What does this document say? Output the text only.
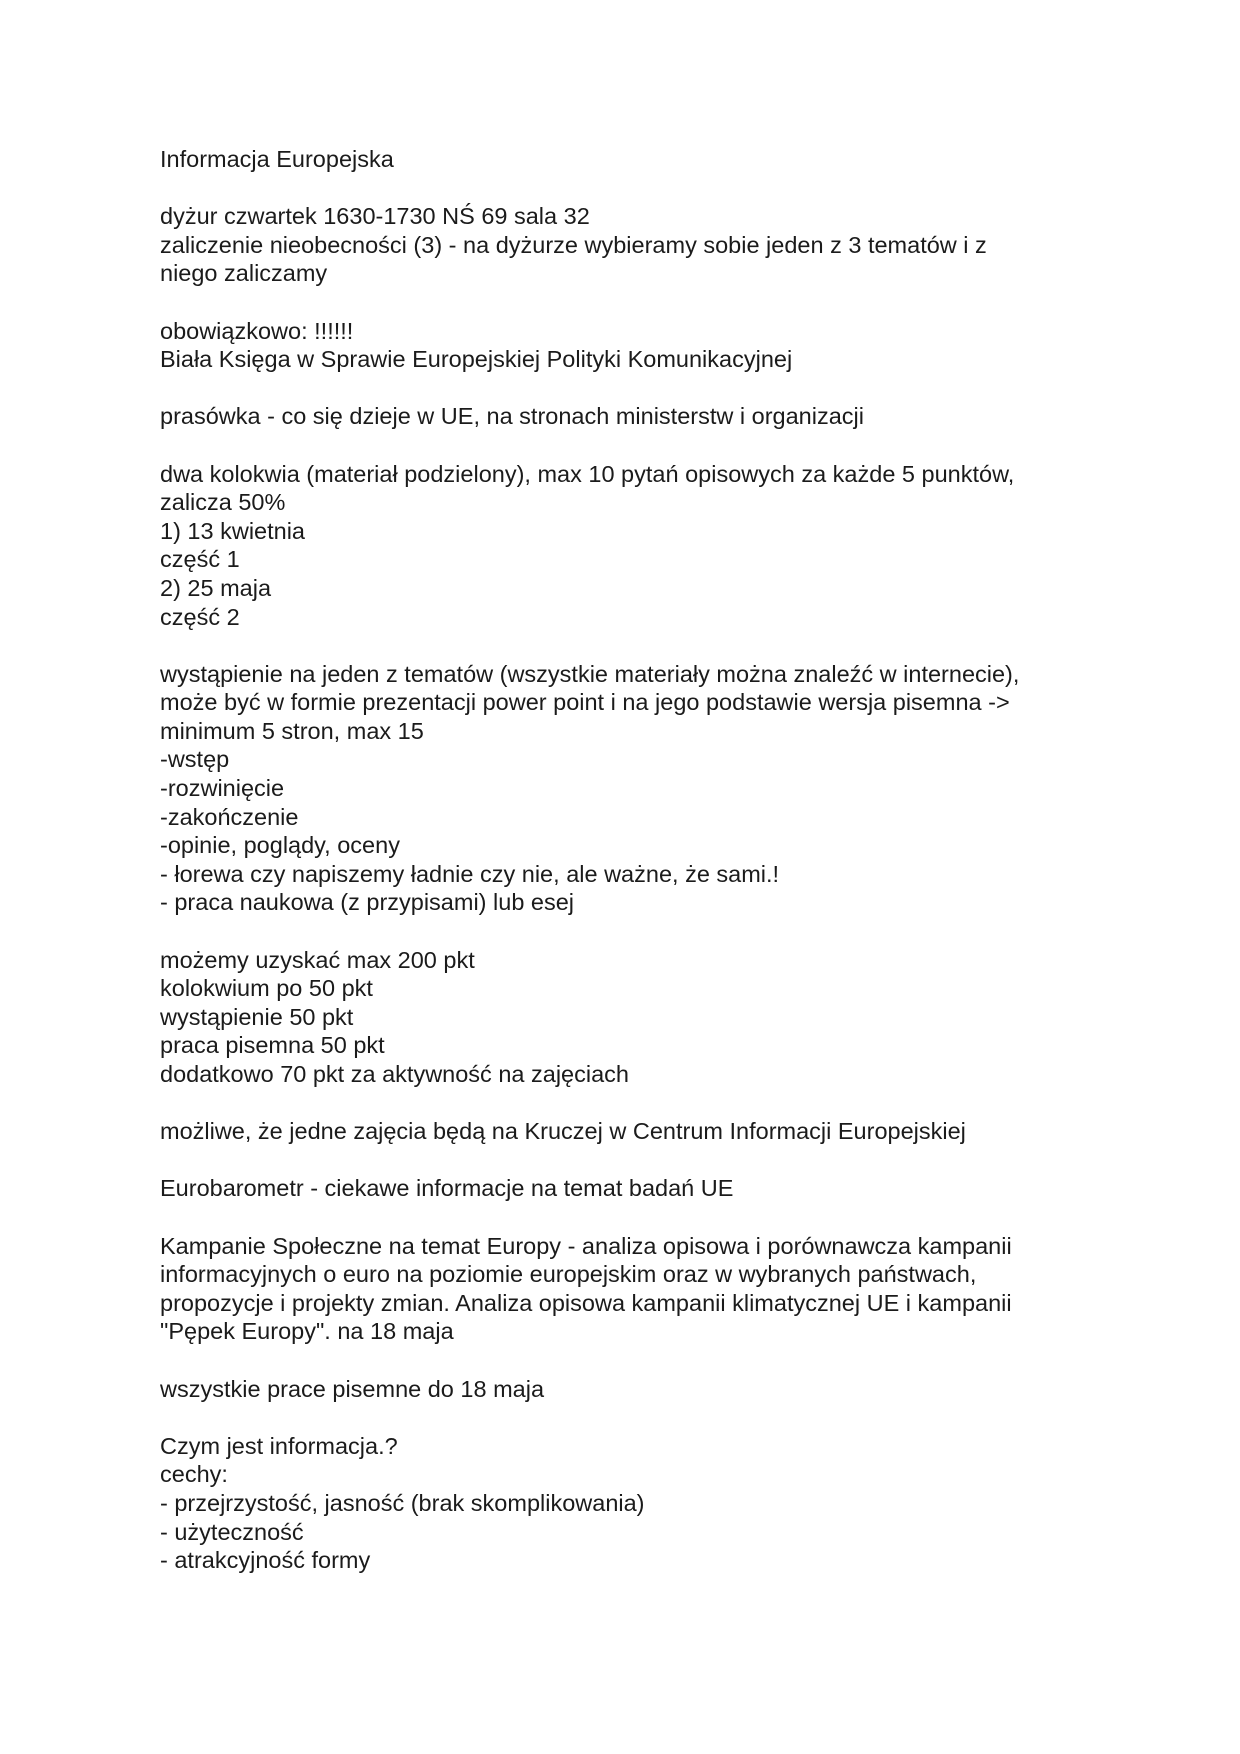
Informacja Europejska
dyżur czwartek 1630-1730 NŚ 69 sala 32
zaliczenie nieobecności (3) - na dyżurze wybieramy sobie jeden z 3 tematów i z
niego zaliczamy
obowiązkowo: !!!!!!
Biała Księga w Sprawie Europejskiej Polityki Komunikacyjnej
prasówka - co się dzieje w UE, na stronach ministerstw i organizacji
dwa kolokwia (materiał podzielony), max 10 pytań opisowych za każde 5 punktów,
zalicza 50%
1) 13 kwietnia
część 1
2) 25 maja
część 2
wystąpienie na jeden z tematów (wszystkie materiały można znaleźć w internecie),
może być w formie prezentacji power point i na jego podstawie wersja pisemna ->
minimum 5 stron, max 15
-wstęp
-rozwinięcie
-zakończenie
-opinie, poglądy, oceny
- łorewa czy napiszemy ładnie czy nie, ale ważne, że sami.!
- praca naukowa (z przypisami) lub esej
możemy uzyskać max 200 pkt
kolokwium po 50 pkt
wystąpienie 50 pkt
praca pisemna 50 pkt
dodatkowo 70 pkt za aktywność na zajęciach
możliwe, że jedne zajęcia będą na Kruczej w Centrum Informacji Europejskiej
Eurobarometr - ciekawe informacje na temat badań UE
Kampanie Społeczne na temat Europy - analiza opisowa i porównawcza kampanii
informacyjnych o euro na poziomie europejskim oraz w wybranych państwach,
propozycje i projekty zmian. Analiza opisowa kampanii klimatycznej UE i kampanii
"Pępek Europy". na 18 maja
wszystkie prace pisemne do 18 maja
Czym jest informacja.?
cechy:
- przejrzystość, jasność (brak skomplikowania)
- użyteczność
- atrakcyjność formy
